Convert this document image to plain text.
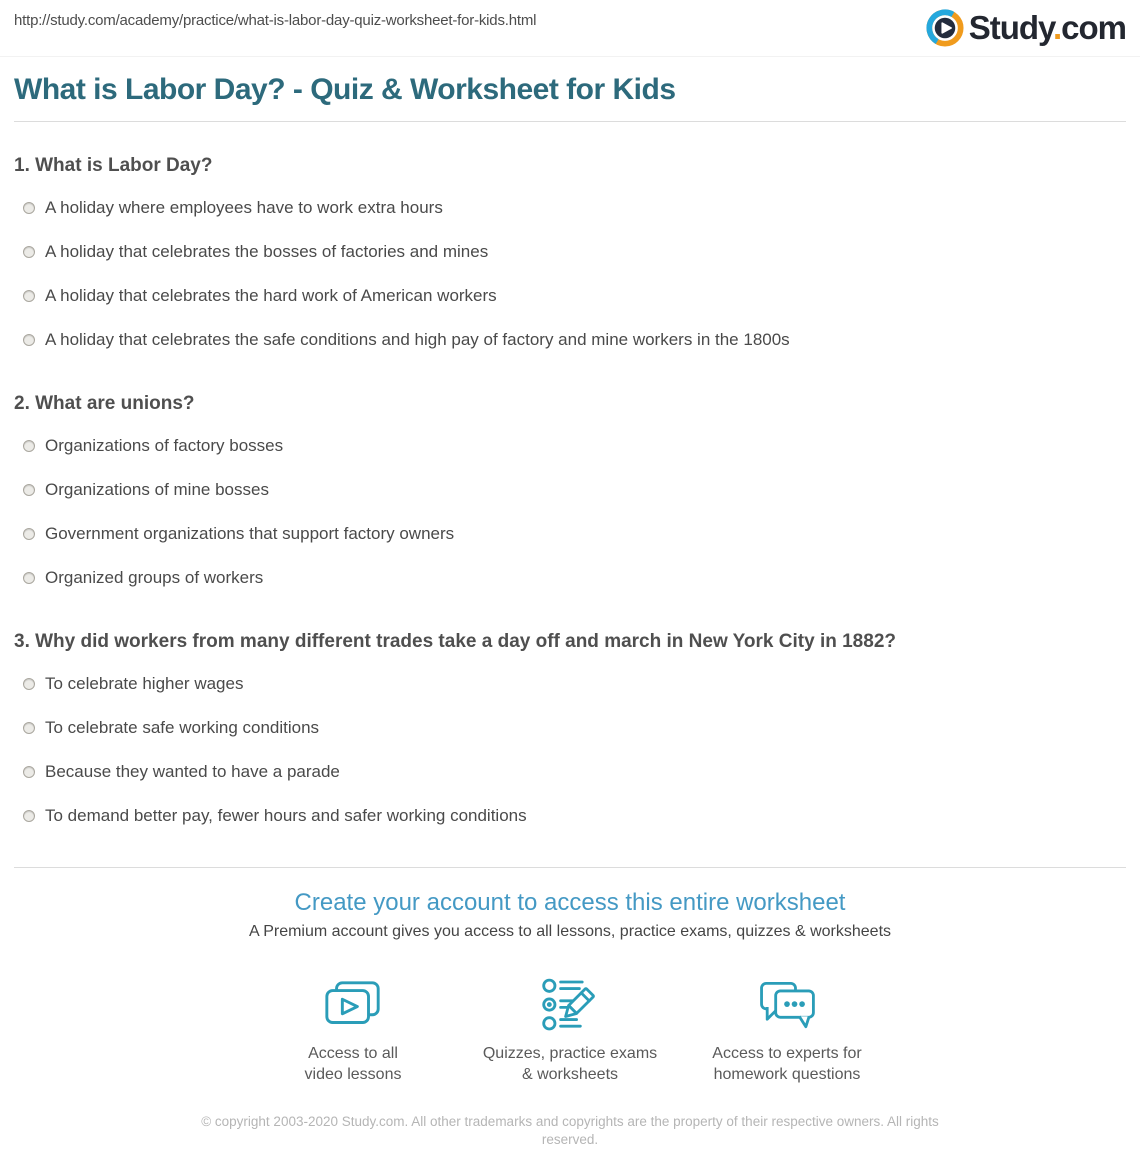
http://study.com/academy/practice/what-is-labor-day-quiz-worksheet-for-kids.html	Study.com
What is Labor Day? - Quiz & Worksheet for Kids
1. What is Labor Day?
A holiday where employees have to work extra hours
A holiday that celebrates the bosses of factories and mines
A holiday that celebrates the hard work of American workers
A holiday that celebrates the safe conditions and high pay of factory and mine workers in the 1800s
2. What are unions?
Organizations of factory bosses
Organizations of mine bosses
Government organizations that support factory owners
Organized groups of workers
3. Why did workers from many different trades take a day off and march in New York City in 1882?
To celebrate higher wages
To celebrate safe working conditions
Because they wanted to have a parade
To demand better pay, fewer hours and safer working conditions
Create your account to access this entire worksheet
A Premium account gives you access to all lessons, practice exams, quizzes & worksheets
Access to all
video lessons
Quizzes, practice exams
& worksheets
Access to experts for
homework questions
© copyright 2003-2020 Study.com. All other trademarks and copyrights are the property of their respective owners. All rights reserved.
